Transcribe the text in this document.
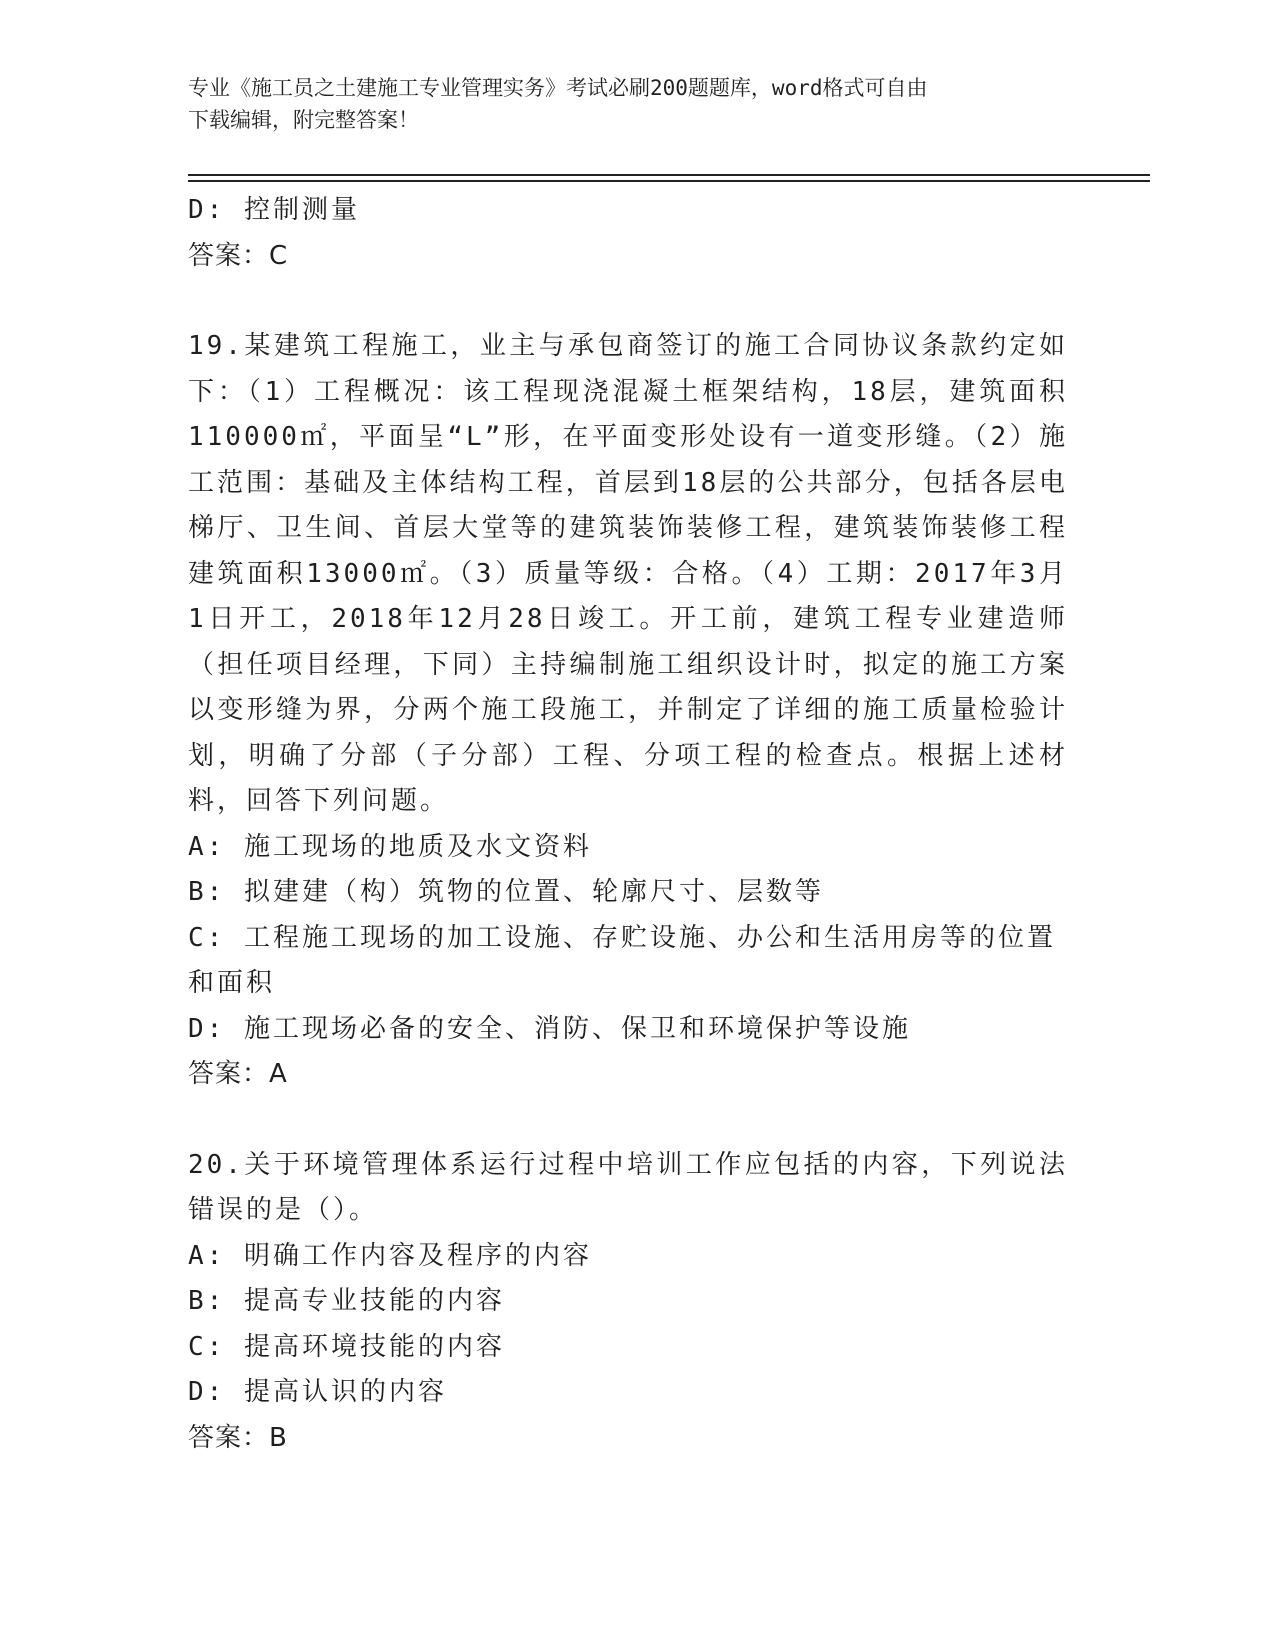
专业《施工员之土建施工专业管理实务》考试必刷200题题库，word格式可自由
下载编辑，附完整答案！
D: 控制测量
答案：C
19.某建筑工程施工，业主与承包商签订的施工合同协议条款约定如下：（1）工程概况：该工程现浇混凝土框架结构，18层，建筑面积110000㎡，平面呈“L”形，在平面变形处设有一道变形缝。（2）施工范围：基础及主体结构工程，首层到18层的公共部分，包括各层电梯厅、卫生间、首层大堂等的建筑装饰装修工程，建筑装饰装修工程建筑面积13000㎡。（3）质量等级：合格。（4）工期：2017年3月1日开工，2018年12月28日竣工。开工前，建筑工程专业建造师（担任项目经理，下同）主持编制施工组织设计时，拟定的施工方案以变形缝为界，分两个施工段施工，并制定了详细的施工质量检验计划，明确了分部（子分部）工程、分项工程的检查点。根据上述材料，回答下列问题。
A: 施工现场的地质及水文资料
B: 拟建建（构）筑物的位置、轮廓尺寸、层数等
C: 工程施工现场的加工设施、存贮设施、办公和生活用房等的位置和面积
D: 施工现场必备的安全、消防、保卫和环境保护等设施
答案：A
20.关于环境管理体系运行过程中培训工作应包括的内容，下列说法错误的是（）。
A: 明确工作内容及程序的内容
B: 提高专业技能的内容
C: 提高环境技能的内容
D: 提高认识的内容
答案：B
